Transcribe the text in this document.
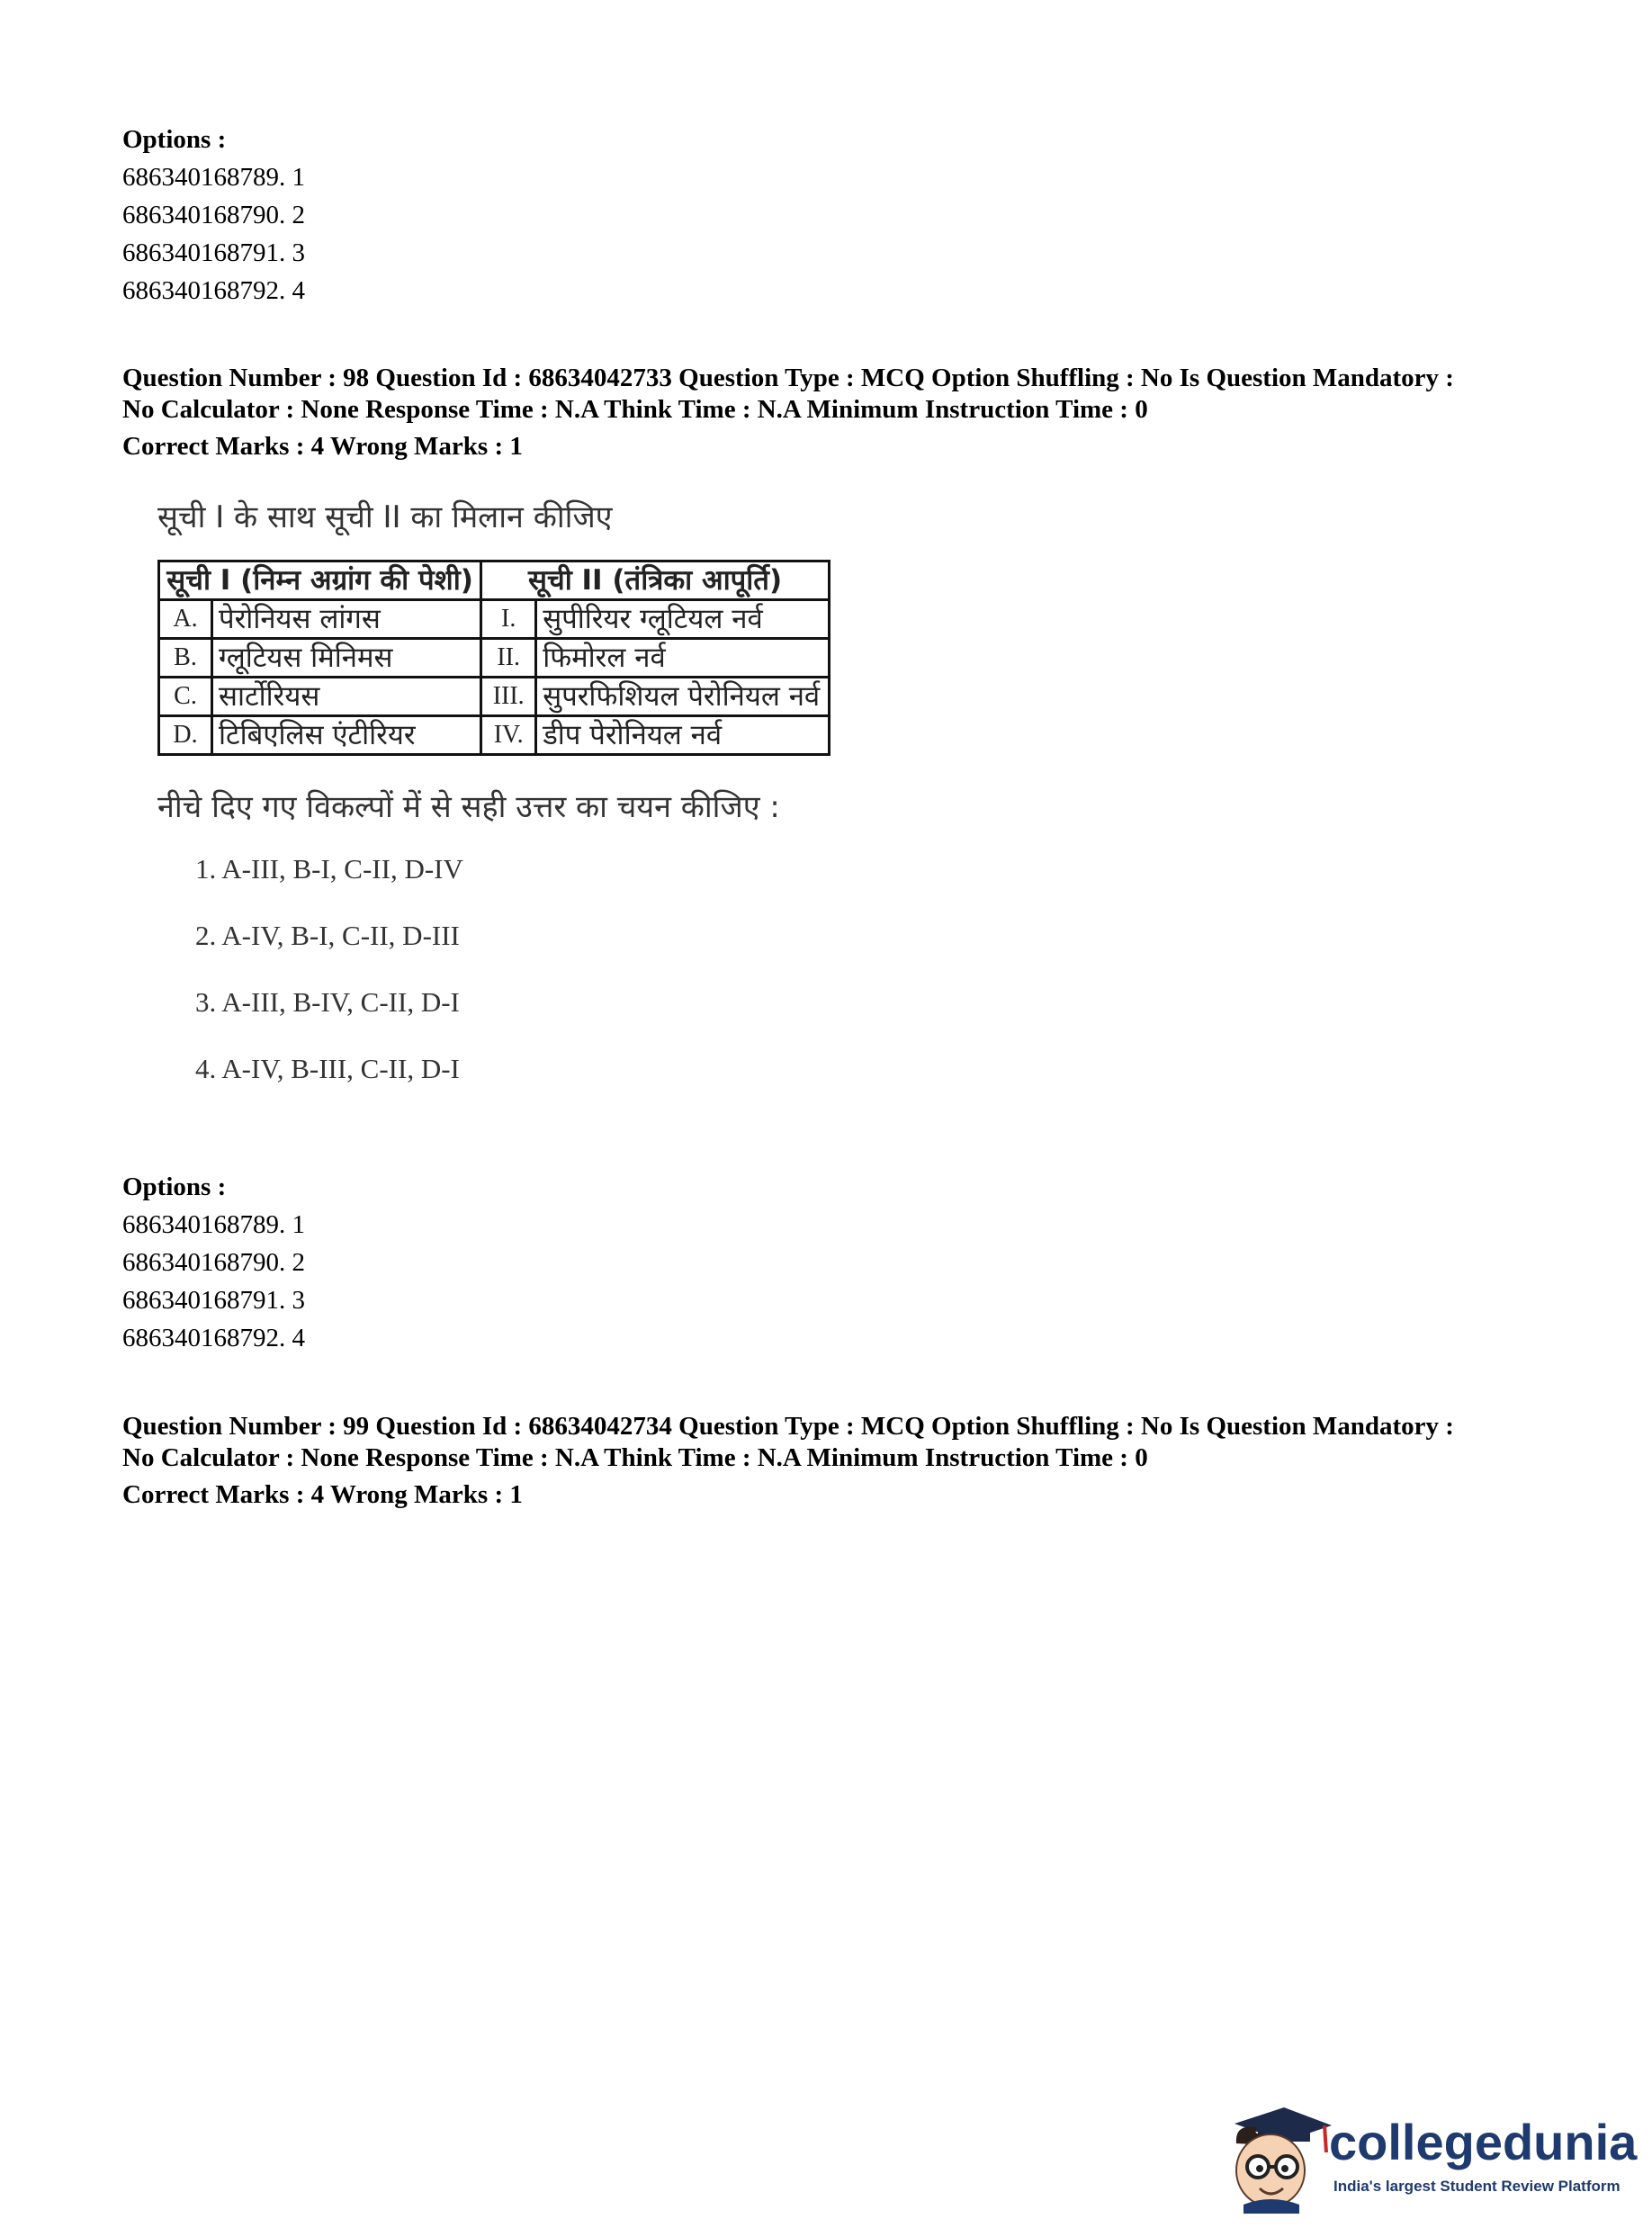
Options :
686340168789. 1
686340168790. 2
686340168791. 3
686340168792. 4
Question Number : 98 Question Id : 68634042733 Question Type : MCQ Option Shuffling : No Is Question Mandatory :
No Calculator : None Response Time : N.A Think Time : N.A Minimum Instruction Time : 0
Correct Marks : 4 Wrong Marks : 1
सूची I के साथ सूची II का मिलान कीजिए
सूची I (निम्न अग्रांग की पेशी)		सूची II (तंत्रिका आपूर्ति)	
A.	पेरोनियस लांगस	I.	सुपीरियर ग्लूटियल नर्व
B.	ग्लूटियस मिनिमस	II.	फिमोरल नर्व
C.	सार्टोरियस	III.	सुपरफिशियल पेरोनियल नर्व
D.	टिबिएलिस एंटीरियर	IV.	डीप पेरोनियल नर्व
नीचे दिए गए विकल्पों में से सही उत्तर का चयन कीजिए :
1. A-III, B-I, C-II, D-IV
2. A-IV, B-I, C-II, D-III
3. A-III, B-IV, C-II, D-I
4. A-IV, B-III, C-II, D-I
Options :
686340168789. 1
686340168790. 2
686340168791. 3
686340168792. 4
Question Number : 99 Question Id : 68634042734 Question Type : MCQ Option Shuffling : No Is Question Mandatory :
No Calculator : None Response Time : N.A Think Time : N.A Minimum Instruction Time : 0
Correct Marks : 4 Wrong Marks : 1
collegedunia
India's largest Student Review Platform
